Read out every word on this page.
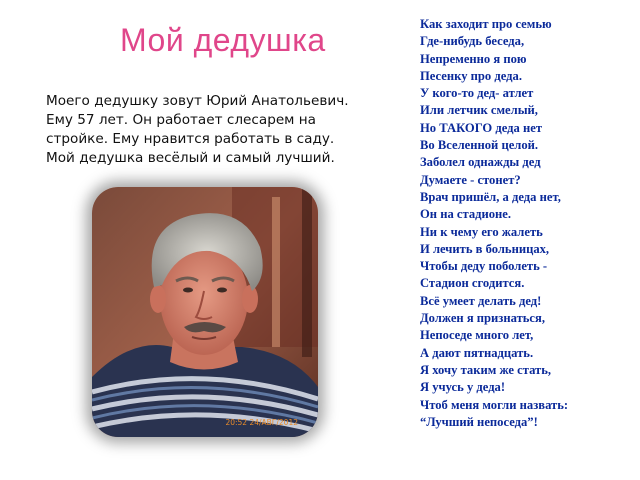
Мой дедушка
Моего дедушку зовут Юрий Анатольевич. Ему 57 лет. Он работает слесарем на стройке. Ему нравится работать в саду. Мой дедушка весёлый и самый лучший.
20:52 24/АВГ/2012
Как заходит про семью
Где-нибудь беседа,
Непременно я пою
Песенку про деда.
У кого-то дед- атлет
Или летчик смелый,
Но ТАКОГО деда нет
Во Вселенной целой.
Заболел однажды дед
Думаете - стонет?
Врач пришёл, а деда нет,
Он на стадионе.
Ни к чему его жалеть
И лечить в больницах,
Чтобы деду поболеть -
Стадион сгодится.
Всё умеет делать дед!
Должен я признаться,
Непоседе много лет,
А дают пятнадцать.
Я хочу таким же стать,
Я учусь у деда!
Чтоб меня могли назвать:
“Лучший непоседа”!
